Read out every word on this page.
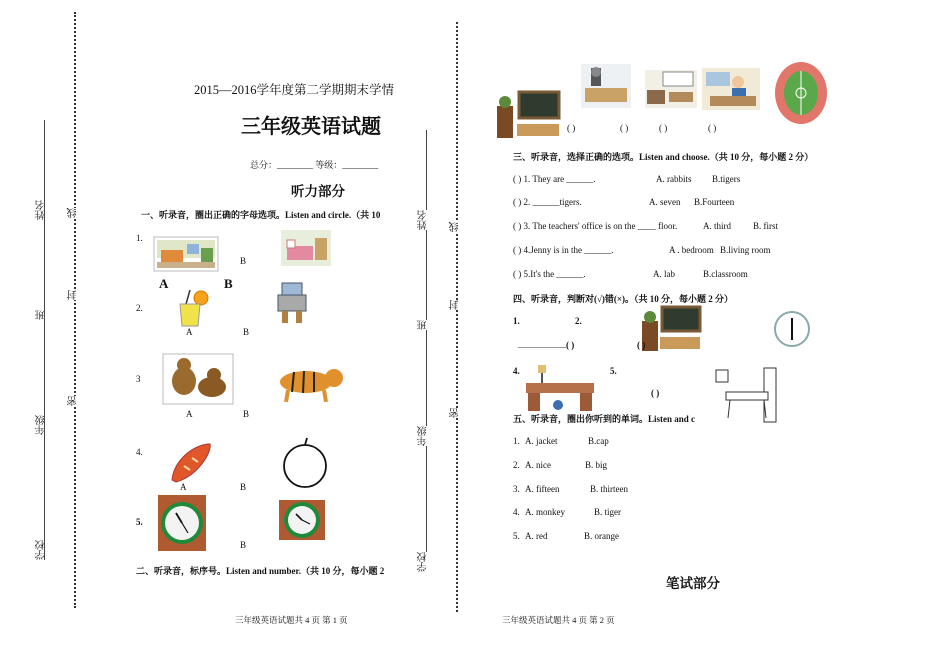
姓名
班
年级
学校
线
封
密
姓名
班
年级
学校
线
封
密
2015—2016学年度第二学期期末学情
三年级英语试题
总分：________ 等级：________
听力部分
一、听录音，圈出正确的字母选项。Listen and circle.（共 10
1.
B
A	B
2.
A	B
3
A	B
4.
A	B
5.
B
二、听录音，标序号。Listen and number.（共 10 分，每小题 2
三年级英语试题共 4 页 第 1 页
( )	( )	( )	( )
三、听录音，选择正确的选项。Listen and choose.（共 10 分，每小题 2 分）
( ) 1. They are ______.	A. rabbits B.tigers
( ) 2. ______tigers.	A. seven B.Fourteen
( ) 3. The teachers' office is on the ____ floor.	A. third B. first
( ) 4.Jenny is in the ______.	A . bedroom B.living room
( ) 5.It's the ______.	A. lab	B.classroom
四、听录音，判断对(√)错(×)。（共 10 分，每小题 2 分）
1.	2.
( )	( )
4.	5.
( )
五、听录音，圈出你听到的单词。Listen and c
1. A. jacket	B.cap
2. A. nice	B. big
3. A. fifteen	B. thirteen
4. A. monkey	B. tiger
5. A. red	B. orange
笔试部分
三年级英语试题共 4 页 第 2 页
